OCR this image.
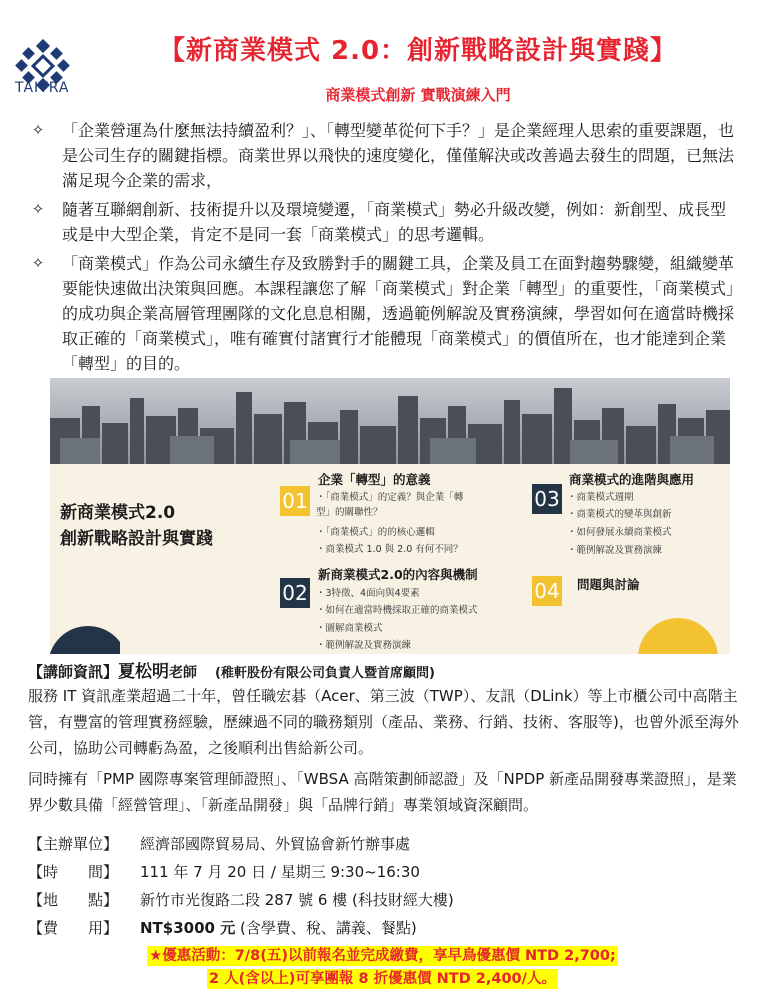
TAITRA
【新商業模式 2.0：創新戰略設計與實踐】
商業模式創新 實戰演練入門
✧ 「企業營運為什麼無法持續盈利？」、「轉型變革從何下手？」是企業經理人思索的重要課題，也是公司生存的關鍵指標。商業世界以飛快的速度變化，僅僅解決或改善過去發生的問題，已無法滿足現今企業的需求，
✧ 隨著互聯網創新、技術提升以及環境變遷，「商業模式」勢必升級改變，例如：新創型、成長型或是中大型企業，肯定不是同一套「商業模式」的思考邏輯。
✧ 「商業模式」作為公司永續生存及致勝對手的關鍵工具，企業及員工在面對趨勢驟變，組織變革要能快速做出決策與回應。本課程讓您了解「商業模式」對企業「轉型」的重要性，「商業模式」的成功與企業高層管理團隊的文化息息相關，透過範例解說及實務演練，學習如何在適當時機採取正確的「商業模式」，唯有確實付諸實行才能體現「商業模式」的價值所在，也才能達到企業「轉型」的目的。
新商業模式2.0
創新戰略設計與實踐
01
企業「轉型」的意義
・「商業模式」的定義？與企業「轉
型」的關聯性？
・「商業模式」的的核心邏輯
・商業模式 1.0 與 2.0 有何不同？
02
新商業模式2.0的內容與機制
・3特徵、4面向與4要素
・如何在適當時機採取正確的商業模式
・圖解商業模式
・範例解說及實務演練
03
商業模式的進階與應用
・商業模式週期
・商業模式的變革與創新
・如何發展永續商業模式
・範例解說及實務演練
04 問題與討論
【講師資訊】夏松明老師 (稚軒股份有限公司負責人暨首席顧問)
服務 IT 資訊產業超過二十年，曾任職宏碁（Acer、第三波（TWP）、友訊（DLink）等上市櫃公司中高階主管，有豐富的管理實務經驗，歷練過不同的職務類別（產品、業務、行銷、技術、客服等)，也曾外派至海外公司，協助公司轉虧為盈，之後順利出售給新公司。
同時擁有「PMP 國際專案管理師證照」、「WBSA 高階策劃師認證」及「NPDP 新產品開發專業證照」，是業界少數具備「經營管理」、「新產品開發」與「品牌行銷」專業領域資深顧問。
【主辦單位】 經濟部國際貿易局、外貿協會新竹辦事處
【時　　間】 111 年 7 月 20 日 / 星期三 9:30~16:30
【地　　點】 新竹市光復路二段 287 號 6 樓 (科技財經大樓)
【費　　用】 NT$3000 元 (含學費、稅、講義、餐點)
★優惠活動：7/8(五)以前報名並完成繳費，享早鳥優惠價 NTD 2,700;
2 人(含以上)可享團報 8 折優惠價 NTD 2,400/人。
